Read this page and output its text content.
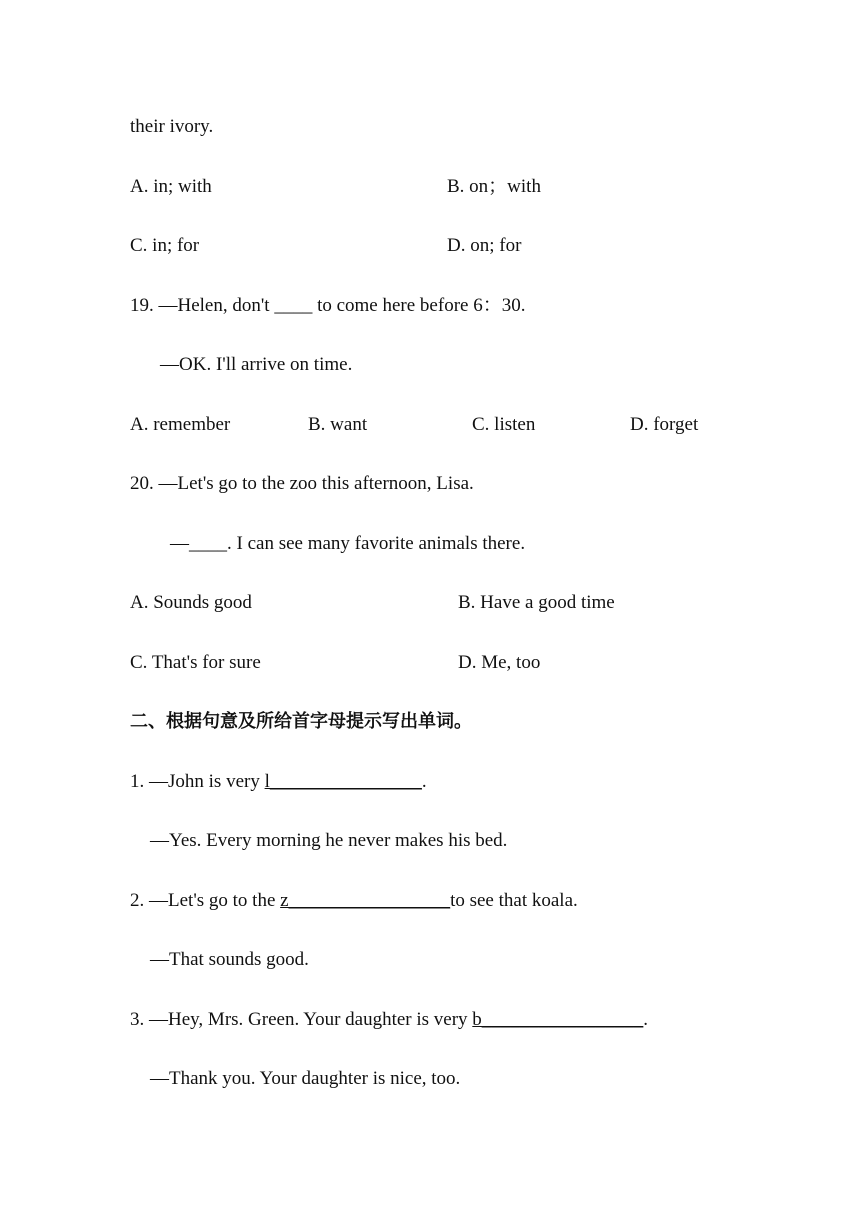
their ivory.
A. in; with	B. on；with
C. in; for	D. on; for
19. —Helen, don't ____ to come here before 6：30.
—OK. I'll arrive on time.
A. remember	B. want	C. listen	D. forget
20. —Let's go to the zoo this afternoon, Lisa.
—____. I can see many favorite animals there.
A. Sounds good	B. Have a good time
C. That's for sure	D. Me, too
二、根据句意及所给首字母提示写出单词。
1. —John is very l________________.
—Yes. Every morning he never makes his bed.
2. —Let's go to the z_________________to see that koala.
—That sounds good.
3. —Hey, Mrs. Green. Your daughter is very b_________________.
—Thank you. Your daughter is nice, too.
